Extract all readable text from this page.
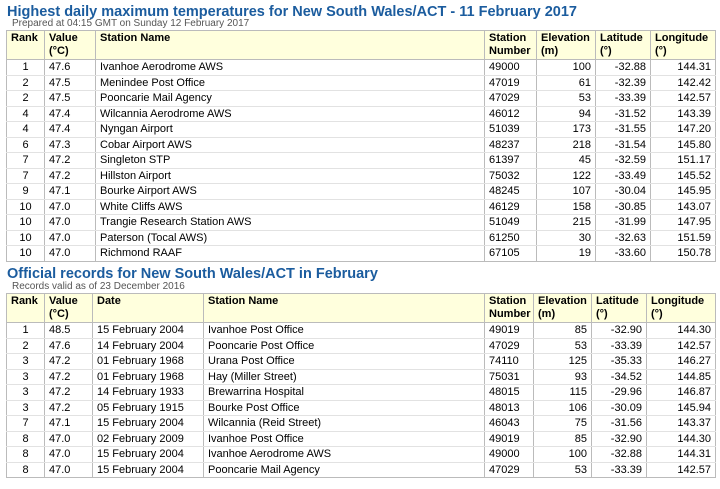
Highest daily maximum temperatures for New South Wales/ACT - 11 February 2017

Prepared at 04:15 GMT on Sunday 12 February 2017

Rank	Value (°C)	Station Name	Station Number	Elevation (m)	Latitude (°)	Longitude (°)
1	47.6	Ivanhoe Aerodrome AWS	49000	100	-32.88	144.31
2	47.5	Menindee Post Office	47019	61	-32.39	142.42
2	47.5	Pooncarie Mail Agency	47029	53	-33.39	142.57
4	47.4	Wilcannia Aerodrome AWS	46012	94	-31.52	143.39
4	47.4	Nyngan Airport	51039	173	-31.55	147.20
6	47.3	Cobar Airport AWS	48237	218	-31.54	145.80
7	47.2	Singleton STP	61397	45	-32.59	151.17
7	47.2	Hillston Airport	75032	122	-33.49	145.52
9	47.1	Bourke Airport AWS	48245	107	-30.04	145.95
10	47.0	White Cliffs AWS	46129	158	-30.85	143.07
10	47.0	Trangie Research Station AWS	51049	215	-31.99	147.95
10	47.0	Paterson (Tocal AWS)	61250	30	-32.63	151.59
10	47.0	Richmond RAAF	67105	19	-33.60	150.78
Official records for New South Wales/ACT in February

Records valid as of 23 December 2016

Rank	Value (°C)	Date	Station Name	Station Number	Elevation (m)	Latitude (°)	Longitude (°)
1	48.5	15 February 2004	Ivanhoe Post Office	49019	85	-32.90	144.30
2	47.6	14 February 2004	Pooncarie Post Office	47029	53	-33.39	142.57
3	47.2	01 February 1968	Urana Post Office	74110	125	-35.33	146.27
3	47.2	01 February 1968	Hay (Miller Street)	75031	93	-34.52	144.85
3	47.2	14 February 1933	Brewarrina Hospital	48015	115	-29.96	146.87
3	47.2	05 February 1915	Bourke Post Office	48013	106	-30.09	145.94
7	47.1	15 February 2004	Wilcannia (Reid Street)	46043	75	-31.56	143.37
8	47.0	02 February 2009	Ivanhoe Post Office	49019	85	-32.90	144.30
8	47.0	15 February 2004	Ivanhoe Aerodrome AWS	49000	100	-32.88	144.31
8	47.0	15 February 2004	Pooncarie Mail Agency	47029	53	-33.39	142.57
